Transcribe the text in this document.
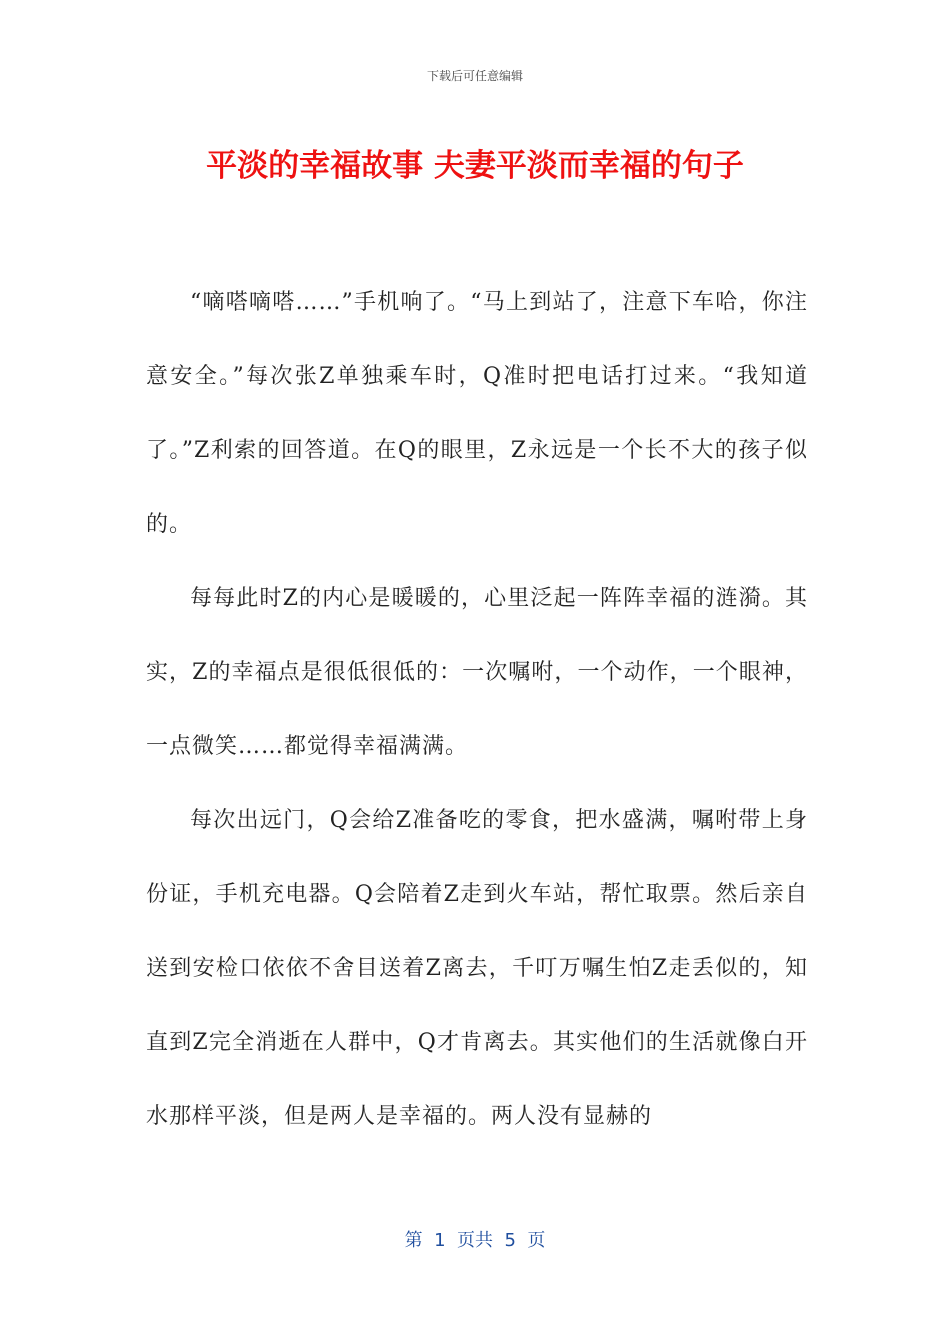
下载后可任意编辑
平淡的幸福故事 夫妻平淡而幸福的句子

“嘀嗒嘀嗒……”手机响了。“马上到站了，注意下车哈，你注意安全。”每次张Z单独乘车时，Q准时把电话打过来。“我知道了。”Z利索的回答道。在Q的眼里，Z永远是一个长不大的孩子似的。

每每此时Z的内心是暖暖的，心里泛起一阵阵幸福的涟漪。其实，Z的幸福点是很低很低的：一次嘱咐，一个动作，一个眼神，一点微笑……都觉得幸福满满。

每次出远门，Q会给Z准备吃的零食，把水盛满，嘱咐带上身份证，手机充电器。Q会陪着Z走到火车站，帮忙取票。然后亲自送到安检口依依不舍目送着Z离去，千叮万嘱生怕Z走丢似的，知直到Z完全消逝在人群中，Q才肯离去。其实他们的生活就像白开水那样平淡，但是两人是幸福的。两人没有显赫的

第  1  页共  5  页
